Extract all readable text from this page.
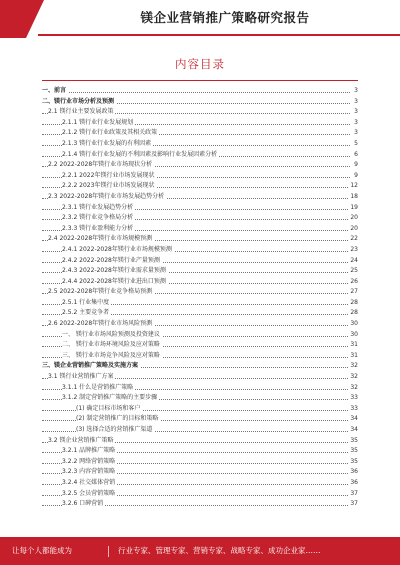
镁企业营销推广策略研究报告
内容目录
一、前言	3
二、镁行业市场分析及预测	3
2.1 镁行业主要发展政策	3
2.1.1 镁行业行业发展规划	3
2.1.2 镁行业行业政策及其相关政策	3
2.1.3 镁行业行业发展的有利因素	5
2.1.4 镁行业行业发展的不利因素及影响行业发展因素分析	6
2.2 2022-2028年镁行业市场现状分析	9
2.2.1 2022年镁行业市场发展现状	9
2.2.2 2023年镁行业市场发展现状	12
2.3 2022-2028年镁行业市场发展趋势分析	18
2.3.1 镁行业发展趋势分析	19
2.3.2 镁行业竞争格局分析	20
2.3.3 镁行业盈利能力分析	20
2.4 2022-2028年镁行业市场规模预测	22
2.4.1 2022-2028年镁行业市场规模预测	23
2.4.2 2022-2028年镁行业产量预测	24
2.4.3 2022-2028年镁行业需求量预测	25
2.4.4 2022-2028年镁行业进出口预测	26
2.5 2022-2028年镁行业竞争格局预测	27
2.5.1 行业集中度	28
2.5.2 主要竞争者	28
2.6 2022-2028年镁行业市场风险预测	30
一、 镁行业市场风险预测及投资建议	30
二、 镁行业市场环境风险及应对策略	31
三、 镁行业市场竞争风险及应对策略	31
三、镁企业营销推广策略及实施方案	32
3.1 镁行业营销推广方案	32
3.1.1 什么是营销推广策略	32
3.1.2 制定营销推广策略的主要步骤	33
(1) 确定目标市场和客户	33
(2) 制定营销推广的目标和策略	34
(3) 选择合适的营销推广渠道	34
3.2 镁企业营销推广策略	35
3.2.1 品牌推广策略	35
3.2.2 网络营销策略	35
3.2.3 内容营销策略	36
3.2.4 社交媒体营销	36
3.2.5 会员营销策略	37
3.2.6 口碑营销	37
让每个人都能成为	行业专家、管理专家、营销专家、战略专家、成功企业家……
